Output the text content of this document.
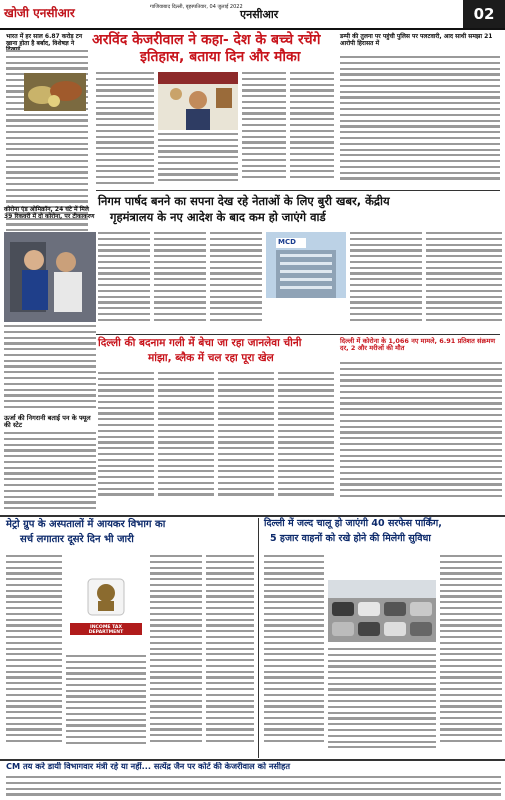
खोजी एनसीआर	गाजियाबाद दिल्ली, बृहस्पतिवार, 04 जुलाई 2022
एनसीआर	02
भारत में हर साल 6.87 करोड़ टन खाना होता है बर्बाद, विशेषज्ञ ने
कोरोना एंड ओमिक्रॉन, 24 घंटे में मिले 39 रिकवरी में दो कोरोना, पर टीकाकरण
ऊर्जा की निगरानी बताई पन के फ्यूल की स्टेट
अरविंद केजरीवाल ने कहा- देश के बच्चे रचेंगे
इतिहास, बताया दिन और मौका
डम्पी की तुलना पर पहुंची पुलिस पर पलटवारी, आद साथी समझा 21 आरोपी हिरासत में
निगम पार्षद बनने का सपना देख रहे नेताओं के लिए बुरी खबर, केंद्रीय
गृहमंत्रालय के नए आदेश के बाद कम हो जाएंगे वार्ड
MCD
दिल्ली की बदनाम गली में बेचा जा रहा जानलेवा चीनी
मांझा, ब्लैक में चल रहा पूरा खेल
दिल्ली में कोरोना के 1,066 नए मामले, 6.91 प्रतिशत संक्रमण दर, 2 और मरीजों की मौत
मेट्रो ग्रुप के अस्पतालों में आयकर विभाग का
सर्च लगातार दूसरे दिन भी जारी
INCOME TAX DEPARTMENT
दिल्ली में जल्द चालू हो जाएंगी 40 सरफेस पार्किंग,
5 हजार वाहनों को रखे होने की मिलेगी सुविधा
CM तय करे डायी विभागवार मंत्री रहे या नहीं... सत्येंद्र जैन पर कोर्ट की केजरीवाल को नसीहत
